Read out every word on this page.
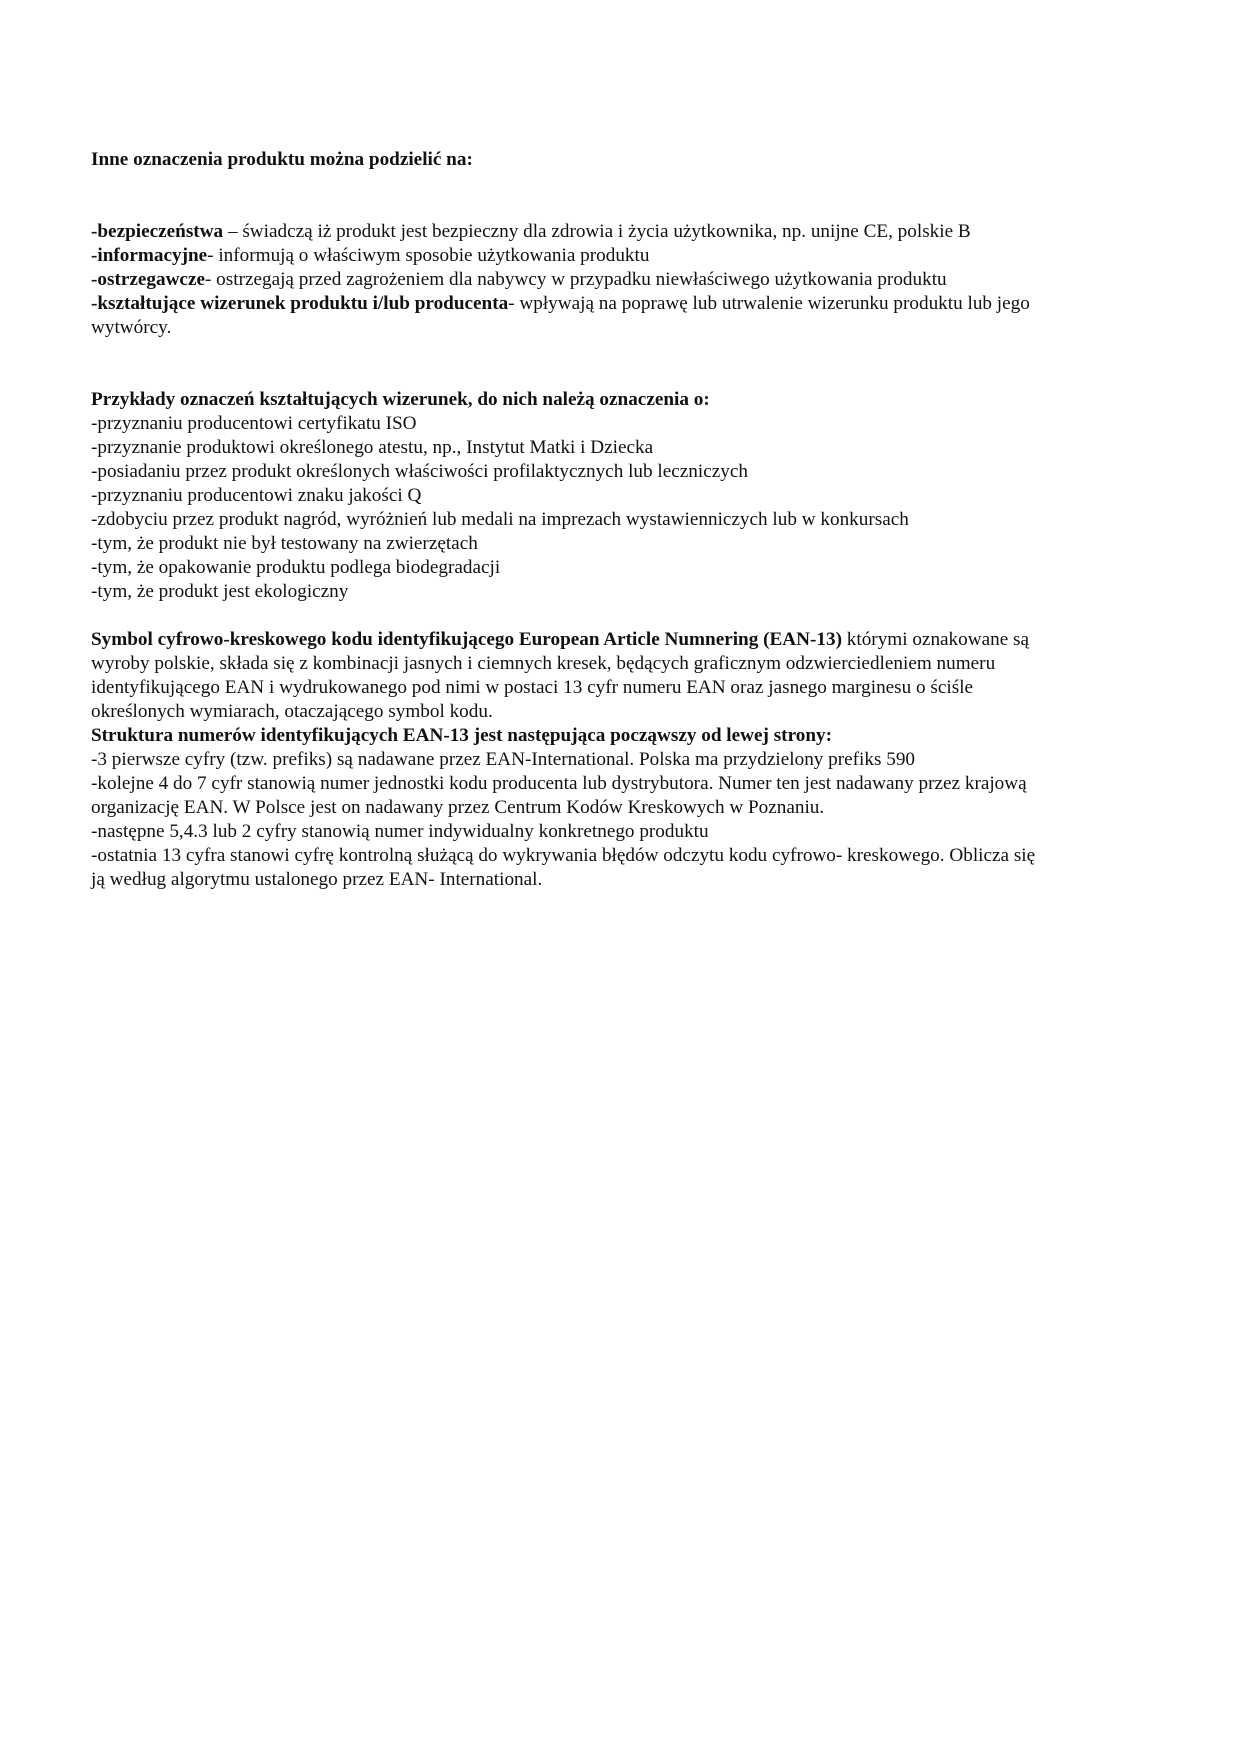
Inne oznaczenia produktu można podzielić na:
-bezpieczeństwa – świadczą iż produkt jest bezpieczny dla zdrowia i życia użytkownika, np. unijne CE, polskie B
-informacyjne- informują o właściwym sposobie użytkowania produktu
-ostrzegawcze- ostrzegają przed zagrożeniem dla nabywcy w przypadku niewłaściwego użytkowania produktu
-kształtujące wizerunek produktu i/lub producenta- wpływają na poprawę lub utrwalenie wizerunku produktu lub jego
wytwórcy.
Przykłady oznaczeń kształtujących wizerunek, do nich należą oznaczenia o:
-przyznaniu producentowi certyfikatu ISO
-przyznanie produktowi określonego atestu, np., Instytut Matki i Dziecka
-posiadaniu przez produkt określonych właściwości profilaktycznych lub leczniczych
-przyznaniu producentowi znaku jakości Q
-zdobyciu przez produkt nagród, wyróżnień lub medali na imprezach wystawienniczych lub w konkursach
-tym, że produkt nie był testowany na zwierzętach
-tym, że opakowanie produktu podlega biodegradacji
-tym, że produkt jest ekologiczny
Symbol cyfrowo-kreskowego kodu identyfikującego European Article Numnering (EAN-13) którymi oznakowane są
wyroby polskie, składa się z kombinacji jasnych i ciemnych kresek, będących graficznym odzwierciedleniem numeru
identyfikującego EAN i wydrukowanego pod nimi w postaci 13 cyfr numeru EAN oraz jasnego marginesu o ściśle
określonych wymiarach, otaczającego symbol kodu.
Struktura numerów identyfikujących EAN-13 jest następująca począwszy od lewej strony:
-3 pierwsze cyfry (tzw. prefiks) są nadawane przez EAN-International. Polska ma przydzielony prefiks 590
-kolejne 4 do 7 cyfr stanowią numer jednostki kodu producenta lub dystrybutora. Numer ten jest nadawany przez krajową
organizację EAN. W Polsce jest on nadawany przez Centrum Kodów Kreskowych w Poznaniu.
-następne 5,4.3 lub 2 cyfry stanowią numer indywidualny konkretnego produktu
-ostatnia 13 cyfra stanowi cyfrę kontrolną służącą do wykrywania błędów odczytu kodu cyfrowo- kreskowego. Oblicza się
ją według algorytmu ustalonego przez EAN- International.
